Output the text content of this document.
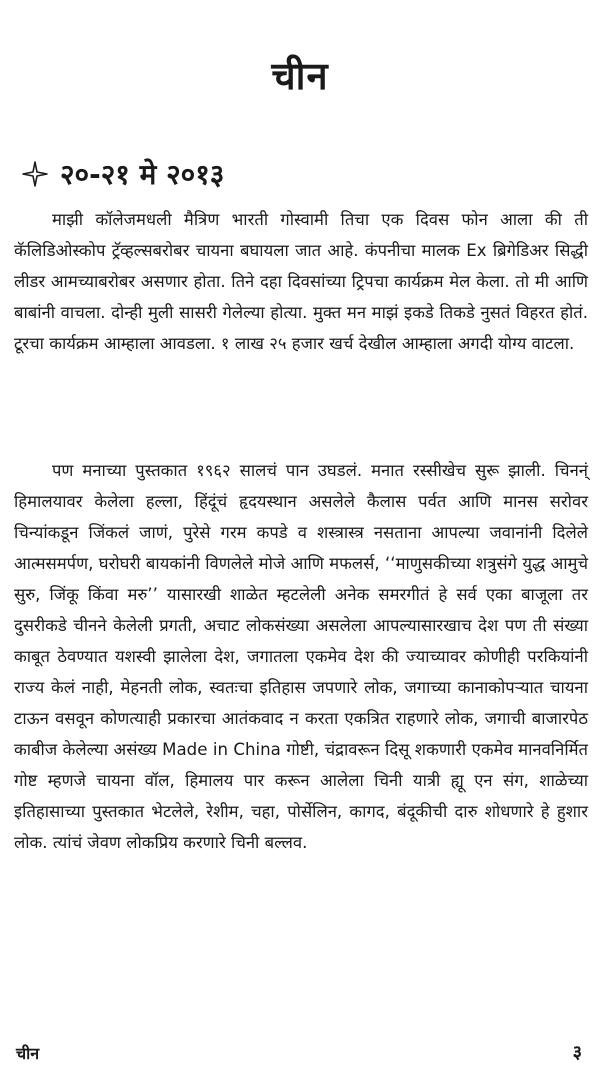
चीन
२०-२१ मे २०१३

माझी कॉलेजमधली मैत्रिण भारती गोस्वामी तिचा एक दिवस फोन आला की ती कॅलिडिओस्कोप ट्रॅव्हल्सबरोबर चायना बघायला जात आहे. कंपनीचा मालक Ex ब्रिगेडिअर सिद्धी लीडर आमच्याबरोबर असणार होता. तिने दहा दिवसांच्या ट्रिपचा कार्यक्रम मेल केला. तो मी आणि बाबांनी वाचला. दोन्ही मुली सासरी गेलेल्या होत्या. मुक्त मन माझं इकडे तिकडे नुसतं विहरत होतं. टूरचा कार्यक्रम आम्हाला आवडला. १ लाख २५ हजार खर्च देखील आम्हाला अगदी योग्य वाटला.

पण मनाच्या पुस्तकात १९६२ सालचं पान उघडलं. मनात रस्सीखेच सुरू झाली. चिनन्ं हिमालयावर केलेला हल्ला, हिंदूंचं हृदयस्थान असलेले कैलास पर्वत आणि मानस सरोवर चिन्यांकडून जिंकलं जाणं, पुरेसे गरम कपडे व शस्त्रास्त्र नसताना आपल्या जवानांनी दिलेले आत्मसमर्पण, घरोघरी बायकांनी विणलेले मोजे आणि मफलर्स, ‘‘माणुसकीच्या शत्रुसंगे युद्ध आमुचे सुरु, जिंकू किंवा मरु’’ यासारखी शाळेत म्हटलेली अनेक समरगीतं हे सर्व एका बाजूला तर दुसरीकडे चीनने केलेली प्रगती, अचाट लोकसंख्या असलेला आपल्यासारखाच देश पण ती संख्या काबूत ठेवण्यात यशस्वी झालेला देश, जगातला एकमेव देश की ज्याच्यावर कोणीही परकियांनी राज्य केलं नाही, मेहनती लोक, स्वतःचा इतिहास जपणारे लोक, जगाच्या कानाकोपऱ्यात चायना टाऊन वसवून कोणत्याही प्रकारचा आतंकवाद न करता एकत्रित राहणारे लोक, जगाची बाजारपेठ काबीज केलेल्या असंख्य Made in China गोष्टी, चंद्रावरून दिसू शकणारी एकमेव मानवनिर्मित गोष्ट म्हणजे चायना वॉल, हिमालय पार करून आलेला चिनी यात्री ह्यू एन संग, शाळेच्या इतिहासाच्या पुस्तकात भेटलेले, रेशीम, चहा, पोर्सेलिन, कागद, बंदूकीची दारु शोधणारे हे हुशार लोक. त्यांचं जेवण लोकप्रिय करणारे चिनी बल्लव.

चीन	३
